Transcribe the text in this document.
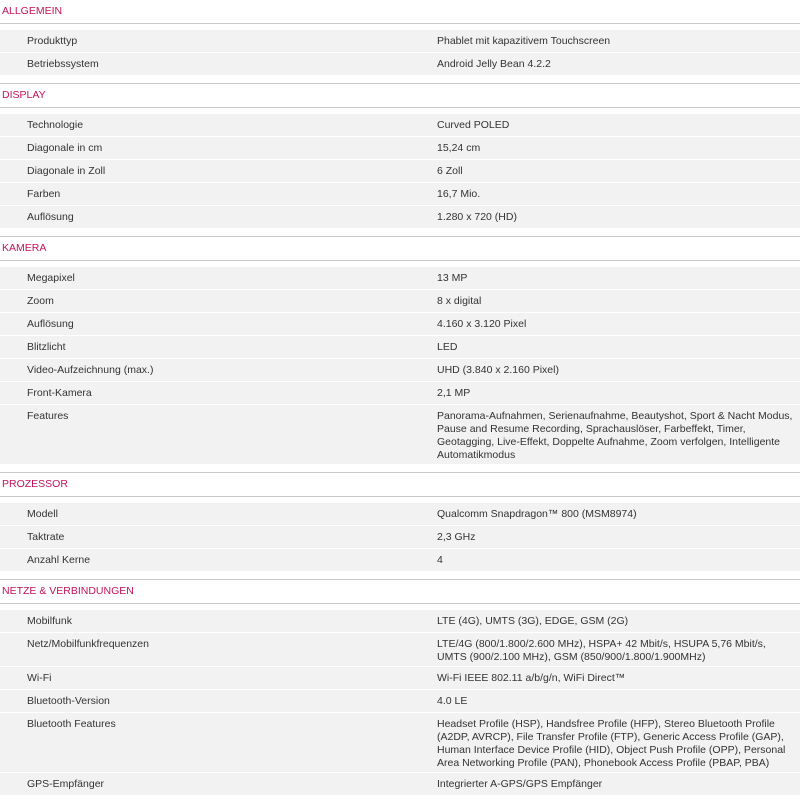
ALLGEMEIN
Produkttyp	Phablet mit kapazitivem Touchscreen
Betriebssystem	Android Jelly Bean 4.2.2
DISPLAY
Technologie	Curved POLED
Diagonale in cm	15,24 cm
Diagonale in Zoll	6 Zoll
Farben	16,7 Mio.
Auflösung	1.280 x 720 (HD)
KAMERA
Megapixel	13 MP
Zoom	8 x digital
Auflösung	4.160 x 3.120 Pixel
Blitzlicht	LED
Video-Aufzeichnung (max.)	UHD (3.840 x 2.160 Pixel)
Front-Kamera	2,1 MP
Features	Panorama-Aufnahmen, Serienaufnahme, Beautyshot, Sport & Nacht Modus, Pause and Resume Recording, Sprachauslöser, Farbeffekt, Timer, Geotagging, Live-Effekt, Doppelte Aufnahme, Zoom verfolgen, Intelligente Automatikmodus
PROZESSOR
Modell	Qualcomm Snapdragon™ 800 (MSM8974)
Taktrate	2,3 GHz
Anzahl Kerne	4
NETZE & VERBINDUNGEN
Mobilfunk	LTE (4G), UMTS (3G), EDGE, GSM (2G)
Netz/Mobilfunkfrequenzen	LTE/4G (800/1.800/2.600 MHz), HSPA+ 42 Mbit/s, HSUPA 5,76 Mbit/s, UMTS (900/2.100 MHz), GSM (850/900/1.800/1.900MHz)
Wi-Fi	Wi-Fi IEEE 802.11 a/b/g/n, WiFi Direct™
Bluetooth-Version	4.0 LE
Bluetooth Features	Headset Profile (HSP), Handsfree Profile (HFP), Stereo Bluetooth Profile (A2DP, AVRCP), File Transfer Profile (FTP), Generic Access Profile (GAP), Human Interface Device Profile (HID), Object Push Profile (OPP), Personal Area Networking Profile (PAN), Phonebook Access Profile (PBAP, PBA)
GPS-Empfänger	Integrierter A-GPS/GPS Empfänger
